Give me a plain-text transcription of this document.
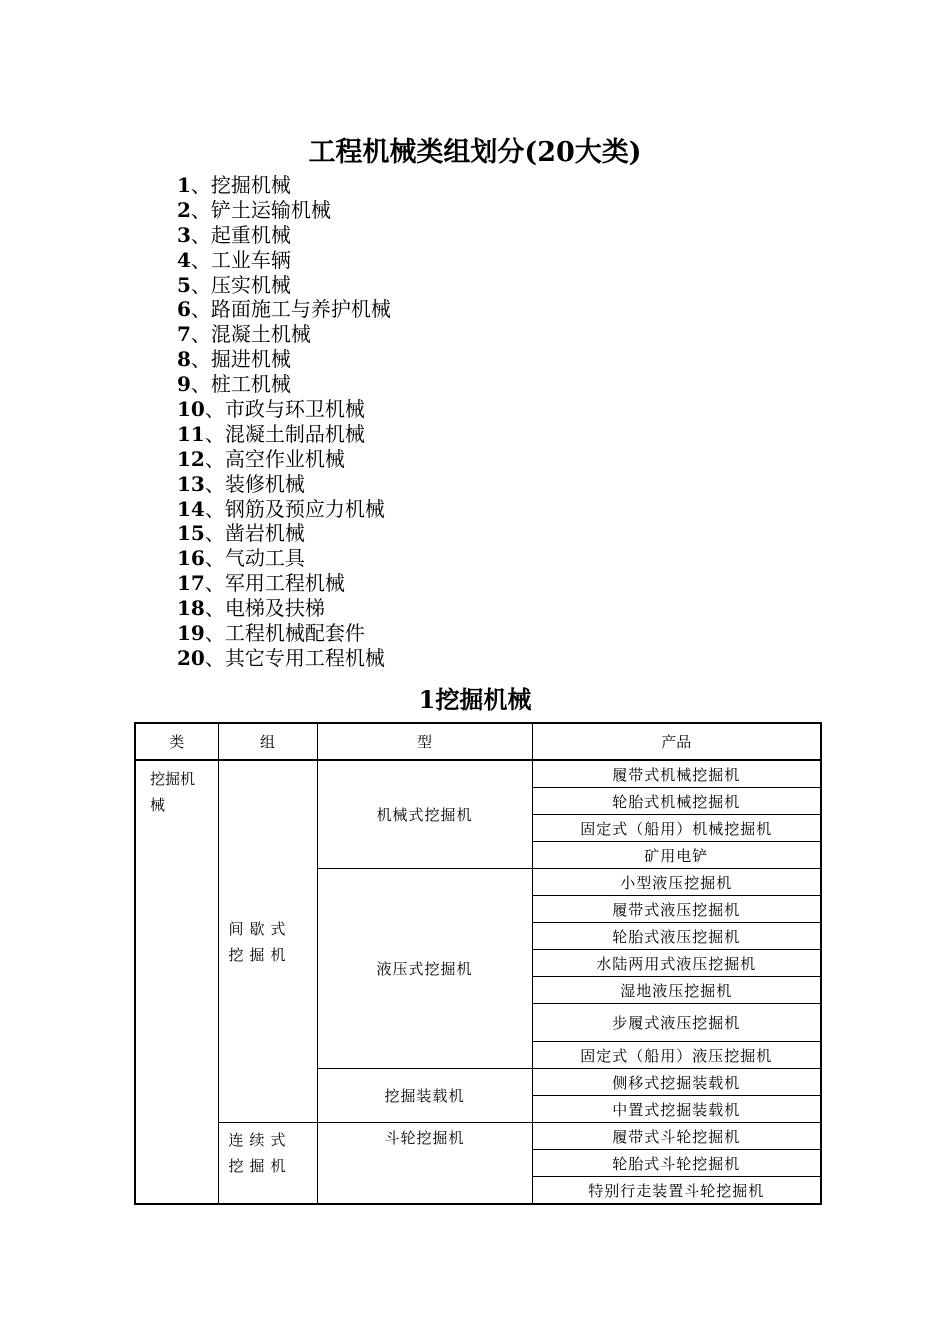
工程机械类组划分(20大类)
1、挖掘机械
2、铲土运输机械
3、起重机械
4、工业车辆
5、压实机械
6、路面施工与养护机械
7、混凝土机械
8、掘进机械
9、桩工机械
10、市政与环卫机械
11、混凝土制品机械
12、高空作业机械
13、装修机械
14、钢筋及预应力机械
15、凿岩机械
16、气动工具
17、军用工程机械
18、电梯及扶梯
19、工程机械配套件
20、其它专用工程机械
1挖掘机械
类	组	型	产品
挖掘机械	间歇式挖掘机	机械式挖掘机	履带式机械挖掘机
			轮胎式机械挖掘机
			固定式（船用）机械挖掘机
			矿用电铲
		液压式挖掘机	小型液压挖掘机
			履带式液压挖掘机
			轮胎式液压挖掘机
			水陆两用式液压挖掘机
			湿地液压挖掘机
			步履式液压挖掘机
			固定式（船用）液压挖掘机
		挖掘装载机	侧移式挖掘装载机
			中置式挖掘装载机
	连续式挖掘机	斗轮挖掘机	履带式斗轮挖掘机
			轮胎式斗轮挖掘机
			特别行走装置斗轮挖掘机
